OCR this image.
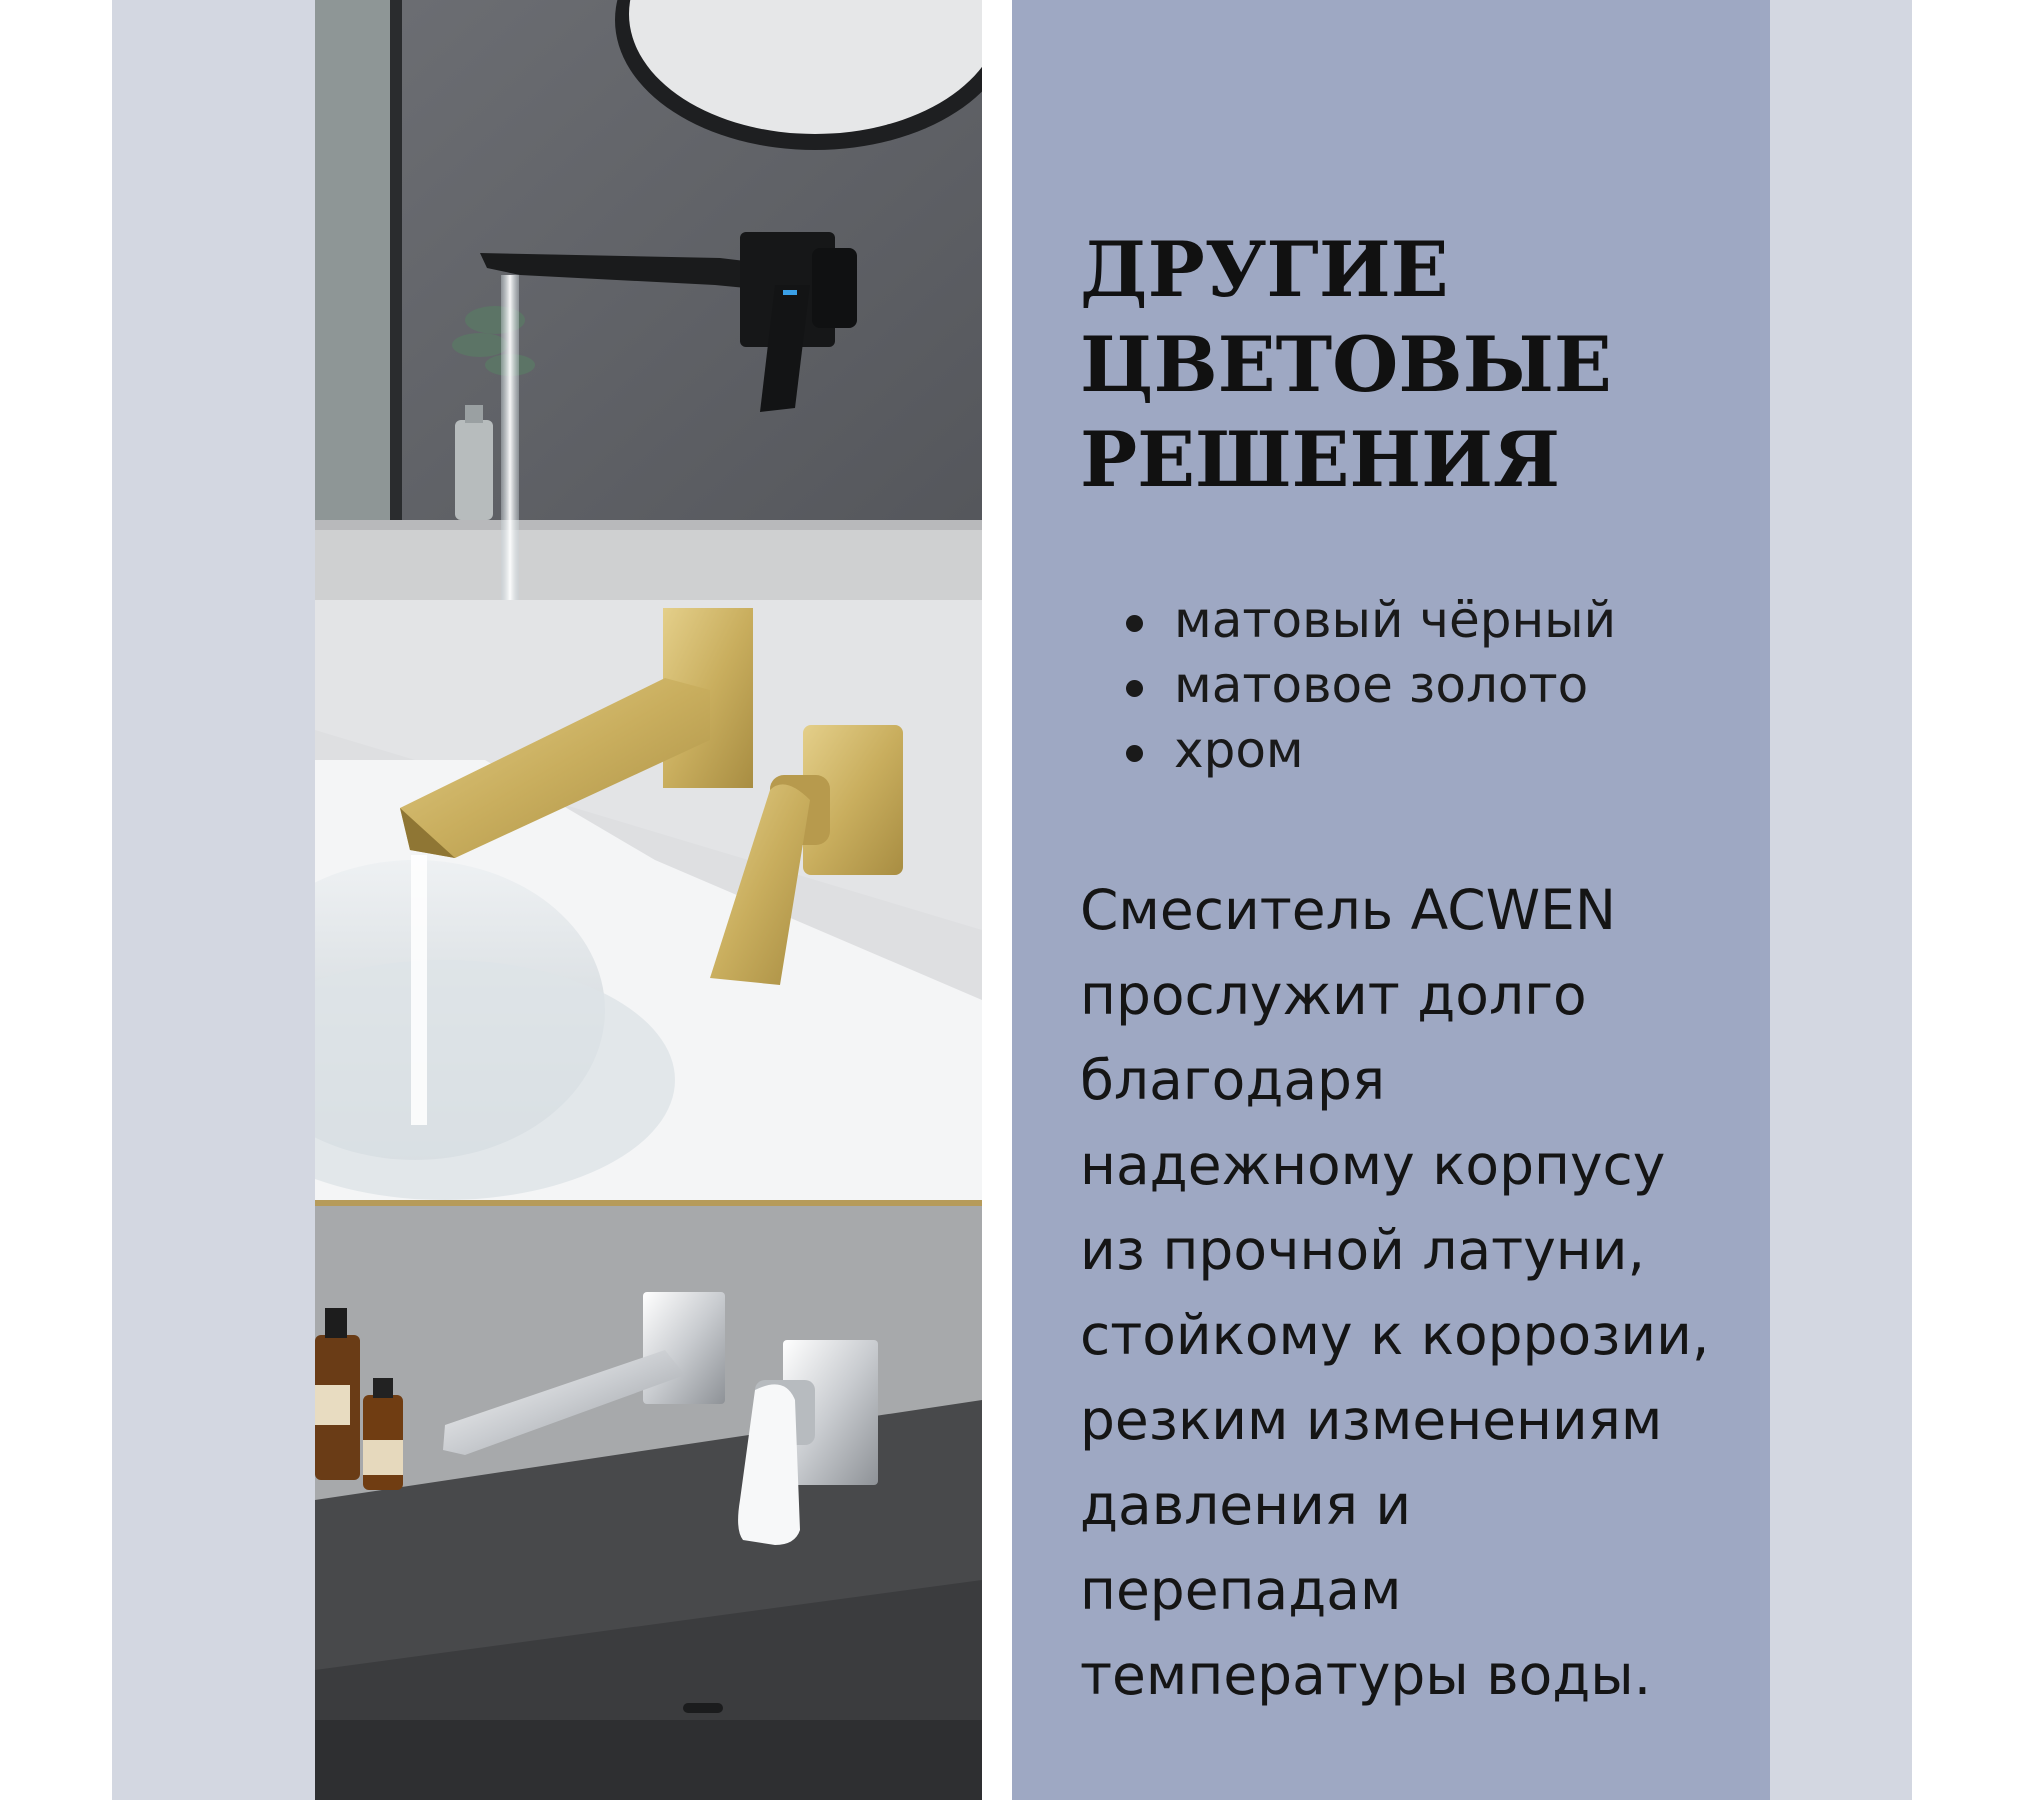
ДРУГИЕ
ЦВЕТОВЫЕ
РЕШЕНИЯ
матовый чёрный
матовое золото
хром

Смеситель ACWEN
прослужит долго
благодаря
надежному корпусу
из прочной латуни,
стойкому к коррозии,
резким изменениям
давления и
перепадам
температуры воды.
